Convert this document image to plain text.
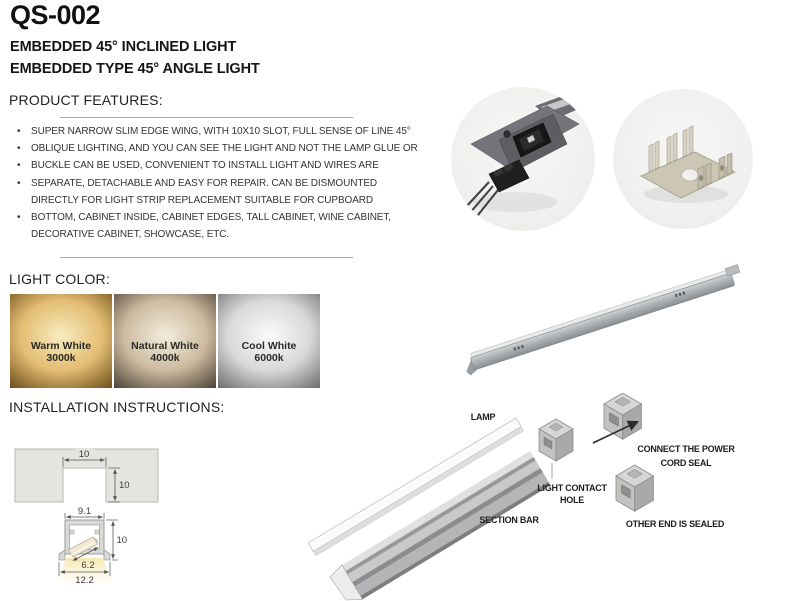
QS-002
EMBEDDED 45° INCLINED LIGHT
EMBEDDED TYPE 45° ANGLE LIGHT
PRODUCT FEATURES:
• SUPER NARROW SLIM EDGE WING, WITH 10X10 SLOT, FULL SENSE OF LINE 45°
• OBLIQUE LIGHTING, AND YOU CAN SEE THE LIGHT AND NOT THE LAMP GLUE OR
• BUCKLE CAN BE USED, CONVENIENT TO INSTALL LIGHT AND WIRES ARE
• SEPARATE, DETACHABLE AND EASY FOR REPAIR. CAN BE DISMOUNTED DIRECTLY FOR LIGHT STRIP REPLACEMENT SUITABLE FOR CUPBOARD
• BOTTOM, CABINET INSIDE, CABINET EDGES, TALL CABINET, WINE CABINET, DECORATIVE CABINET, SHOWCASE, ETC.
LIGHT COLOR:
Warm White
3000k
Natural White
4000k
Cool White
6000k
INSTALLATION INSTRUCTIONS:
10
10
9.1
10
6.2
12.2
LAMP
LIGHT CONTACT
HOLE
SECTION BAR
CONNECT THE POWER
CORD SEAL
OTHER END IS SEALED
